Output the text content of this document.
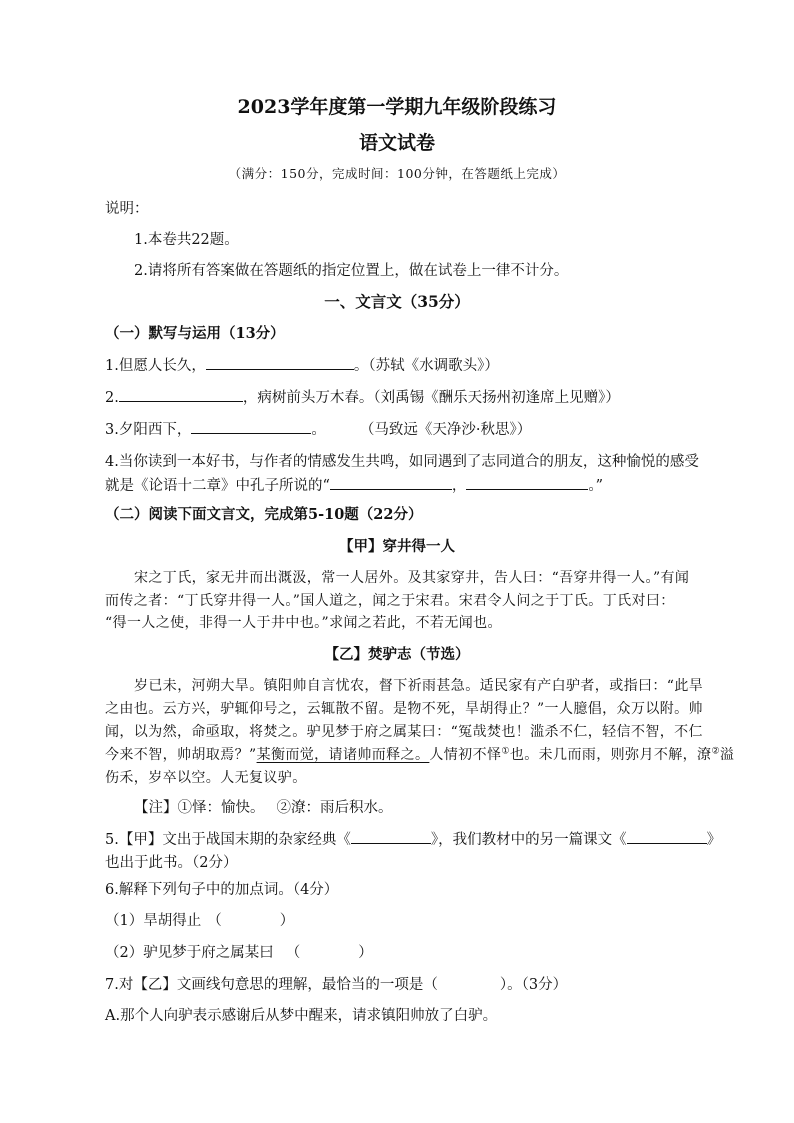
2023学年度第一学期九年级阶段练习
语文试卷
（满分：150分，完成时间：100分钟，在答题纸上完成）
说明：
1.本卷共22题。
2.请将所有答案做在答题纸的指定位置上，做在试卷上一律不计分。
一、文言文（35分）
（一）默写与运用（13分）
1.但愿人长久，	。（苏轼《水调歌头》）
2.	，病树前头万木春。（刘禹锡《酬乐天扬州初逢席上见赠》）
3.夕阳西下，	。 （马致远《天净沙·秋思》）
4.当你读到一本好书，与作者的情感发生共鸣，如同遇到了志同道合的朋友，这种愉悦的感受
就是《论语十二章》中孔子所说的“	，	。”
（二）阅读下面文言文，完成第5-10题（22分）
【甲】穿井得一人
宋之丁氏，家无井而出溉汲，常一人居外。及其家穿井，告人曰：“吾穿井得一人。”有闻
而传之者：“丁氏穿井得一人。”国人道之，闻之于宋君。宋君令人问之于丁氏。丁氏对曰：
“得一人之使，非得一人于井中也。”求闻之若此，不若无闻也。
【乙】焚驴志（节选）
岁已未，河朔大旱。镇阳帅自言忧农，督下祈雨甚急。适民家有产白驴者，或指曰：“此旱
之由也。云方兴，驴辄仰号之，云辄散不留。是物不死，旱胡得止？”一人臆倡，众万以附。帅
闻，以为然，命亟取，将焚之。驴见梦于府之属某曰：“冤哉焚也！滥杀不仁，轻信不智，不仁
今来不智，帅胡取焉？”某衡而觉，请诸帅而释之。人情初不怿①也。未几而雨，则弥月不解，潦②溢
伤禾，岁卒以空。人无复议驴。
【注】①怿：愉快。 ②潦：雨后积水。
5.【甲】文出于战国末期的杂家经典《	》，我们教材中的另一篇课文《	》
也出于此书。（2分）
6.解释下列句子中的加点词。（4分）
（1）旱胡得止 （　　　　）
（2）驴见梦于府之属某曰 （　　　　）
7.对【乙】文画线句意思的理解，最恰当的一项是（	）。（3分）
A.那个人向驴表示感谢后从梦中醒来，请求镇阳帅放了白驴。
